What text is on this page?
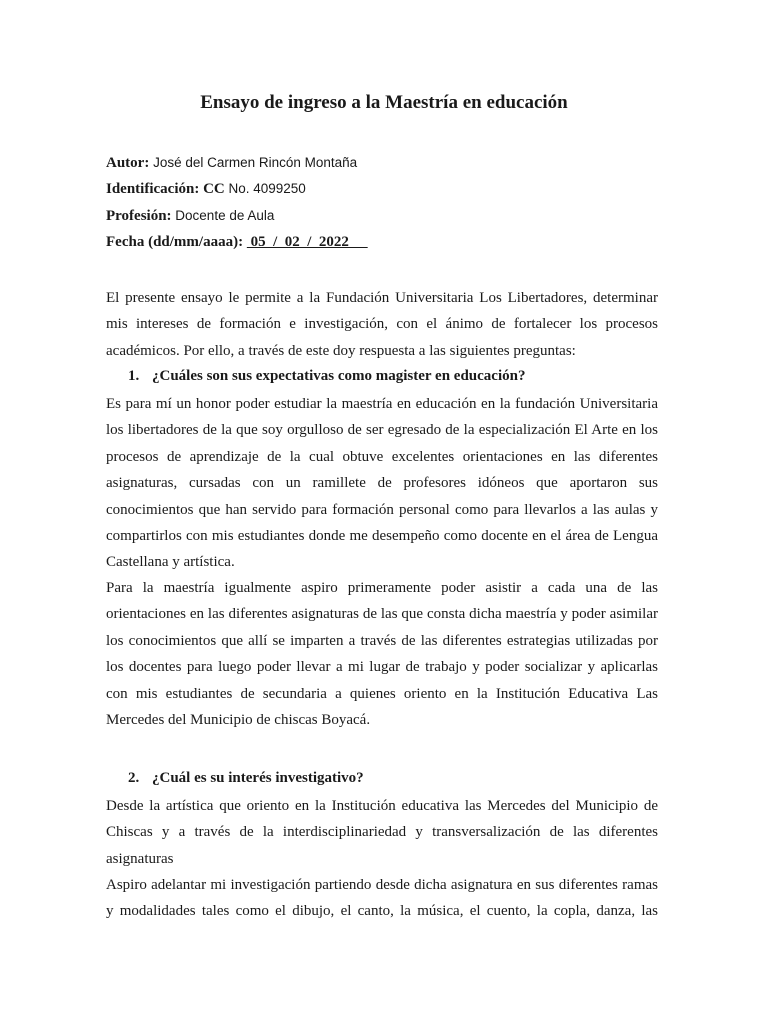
Ensayo de ingreso a la Maestría en educación
Autor: José del Carmen Rincón Montaña
Identificación: CC No. 4099250
Profesión: Docente de Aula
Fecha (dd/mm/aaaa):  05  /  02  /  2022
El presente ensayo le permite a la Fundación Universitaria Los Libertadores, determinar mis intereses de formación e investigación, con el ánimo de fortalecer los procesos académicos. Por ello, a través de este doy respuesta a las siguientes preguntas:
1. ¿Cuáles son sus expectativas como magister en educación?
Es para mí un honor poder estudiar la maestría en educación en la fundación Universitaria los libertadores de la que soy orgulloso de ser egresado de la especialización El Arte en los procesos de aprendizaje de la cual obtuve excelentes orientaciones en las diferentes asignaturas, cursadas con un ramillete de profesores idóneos que aportaron sus conocimientos que han servido para formación personal como para llevarlos a las aulas y compartirlos con mis estudiantes donde me desempeño como docente en el área de Lengua Castellana y artística.
Para la maestría igualmente aspiro primeramente poder asistir a cada una de las orientaciones en las diferentes asignaturas de las que consta dicha maestría y poder asimilar los conocimientos que allí se imparten a través de las diferentes estrategias utilizadas por los docentes para luego poder llevar a mi lugar de trabajo y poder socializar y aplicarlas con mis estudiantes de secundaria a quienes oriento en la Institución Educativa Las Mercedes del Municipio de chiscas Boyacá.
2. ¿Cuál es su interés investigativo?
Desde la artística que oriento en la Institución educativa las Mercedes del Municipio de Chiscas y a través de la interdisciplinariedad y transversalización de las diferentes asignaturas
Aspiro adelantar mi investigación partiendo desde dicha asignatura en sus diferentes ramas y modalidades tales como el dibujo, el canto, la música, el cuento, la copla, danza, las
